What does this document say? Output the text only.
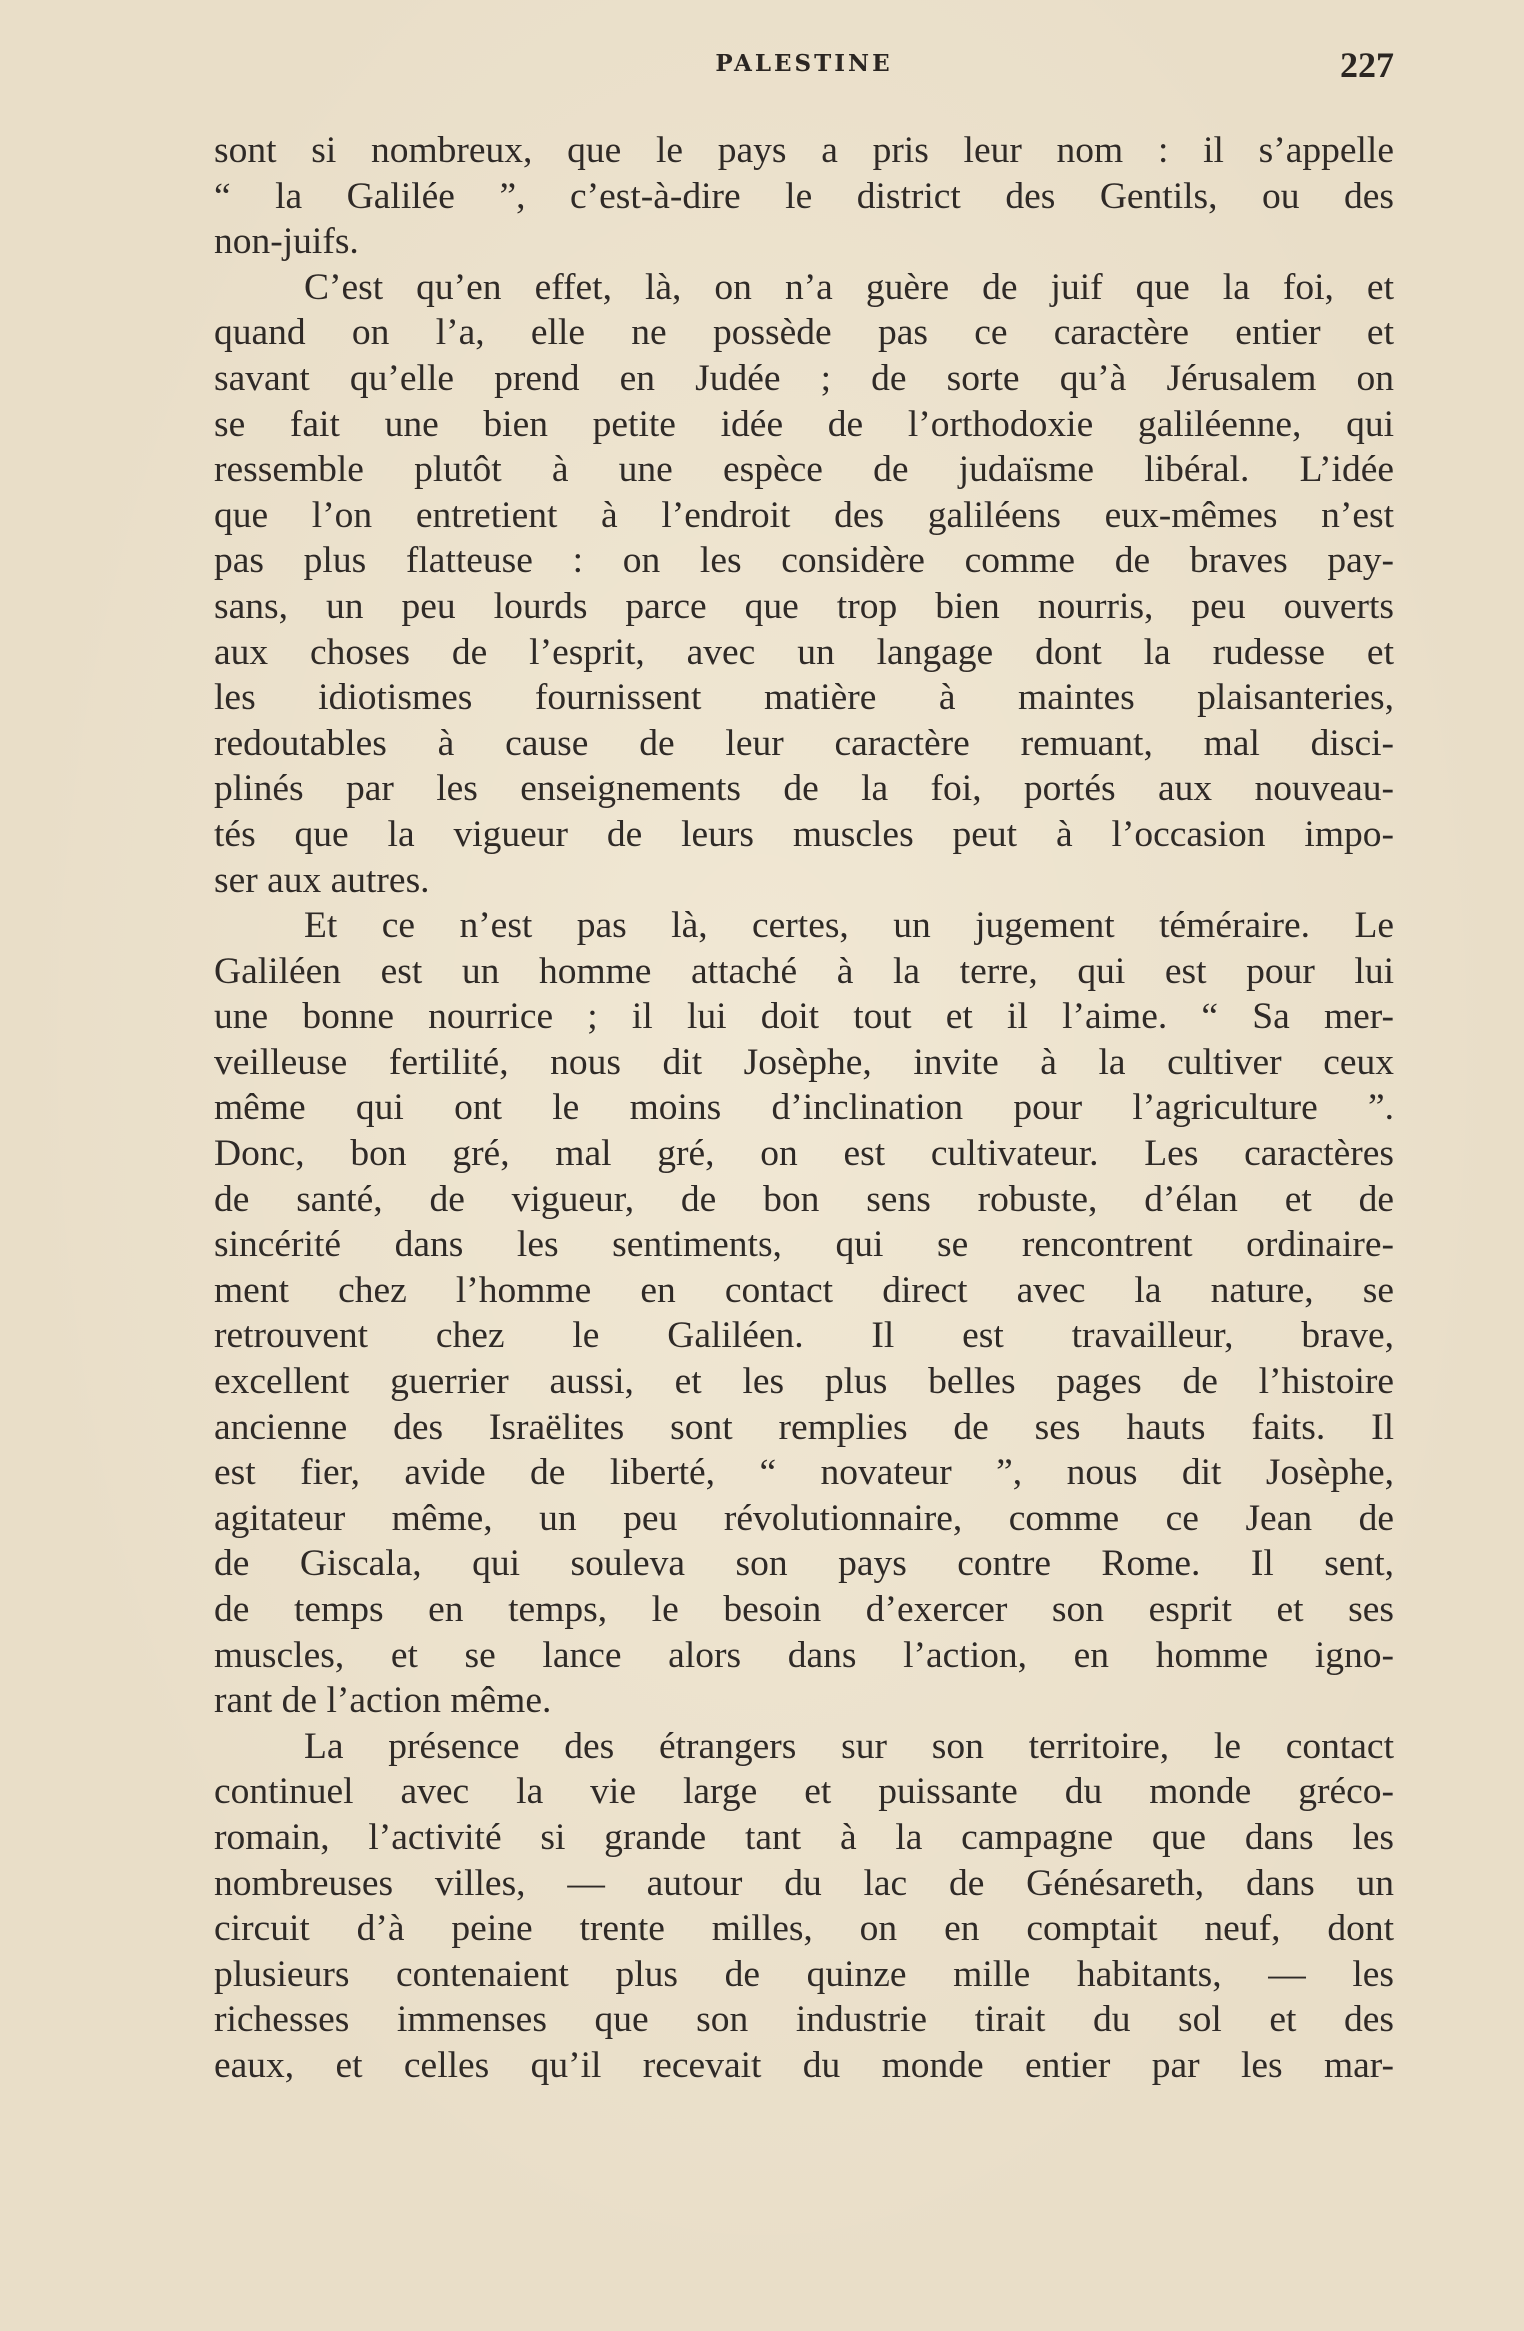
PALESTINE	227
sont si nombreux, que le pays a pris leur nom : il s’appelle
“ la Galilée ”, c’est-à-dire le district des Gentils, ou des
non-juifs.
C’est qu’en effet, là, on n’a guère de juif que la foi, et
quand on l’a, elle ne possède pas ce caractère entier et
savant qu’elle prend en Judée ; de sorte qu’à Jérusalem on
se fait une bien petite idée de l’orthodoxie galiléenne, qui
ressemble plutôt à une espèce de judaïsme libéral. L’idée
que l’on entretient à l’endroit des galiléens eux-mêmes n’est
pas plus flatteuse : on les considère comme de braves pay-
sans, un peu lourds parce que trop bien nourris, peu ouverts
aux choses de l’esprit, avec un langage dont la rudesse et
les idiotismes fournissent matière à maintes plaisanteries,
redoutables à cause de leur caractère remuant, mal disci-
plinés par les enseignements de la foi, portés aux nouveau-
tés que la vigueur de leurs muscles peut à l’occasion impo-
ser aux autres.
Et ce n’est pas là, certes, un jugement téméraire. Le
Galiléen est un homme attaché à la terre, qui est pour lui
une bonne nourrice ; il lui doit tout et il l’aime. “ Sa mer-
veilleuse fertilité, nous dit Josèphe, invite à la cultiver ceux
même qui ont le moins d’inclination pour l’agriculture ”.
Donc, bon gré, mal gré, on est cultivateur. Les caractères
de santé, de vigueur, de bon sens robuste, d’élan et de
sincérité dans les sentiments, qui se rencontrent ordinaire-
ment chez l’homme en contact direct avec la nature, se
retrouvent chez le Galiléen. Il est travailleur, brave,
excellent guerrier aussi, et les plus belles pages de l’histoire
ancienne des Israëlites sont remplies de ses hauts faits. Il
est fier, avide de liberté, “ novateur ”, nous dit Josèphe,
agitateur même, un peu révolutionnaire, comme ce Jean de
de Giscala, qui souleva son pays contre Rome. Il sent,
de temps en temps, le besoin d’exercer son esprit et ses
muscles, et se lance alors dans l’action, en homme igno-
rant de l’action même.
La présence des étrangers sur son territoire, le contact
continuel avec la vie large et puissante du monde gréco-
romain, l’activité si grande tant à la campagne que dans les
nombreuses villes, — autour du lac de Génésareth, dans un
circuit d’à peine trente milles, on en comptait neuf, dont
plusieurs contenaient plus de quinze mille habitants, — les
richesses immenses que son industrie tirait du sol et des
eaux, et celles qu’il recevait du monde entier par les mar-
